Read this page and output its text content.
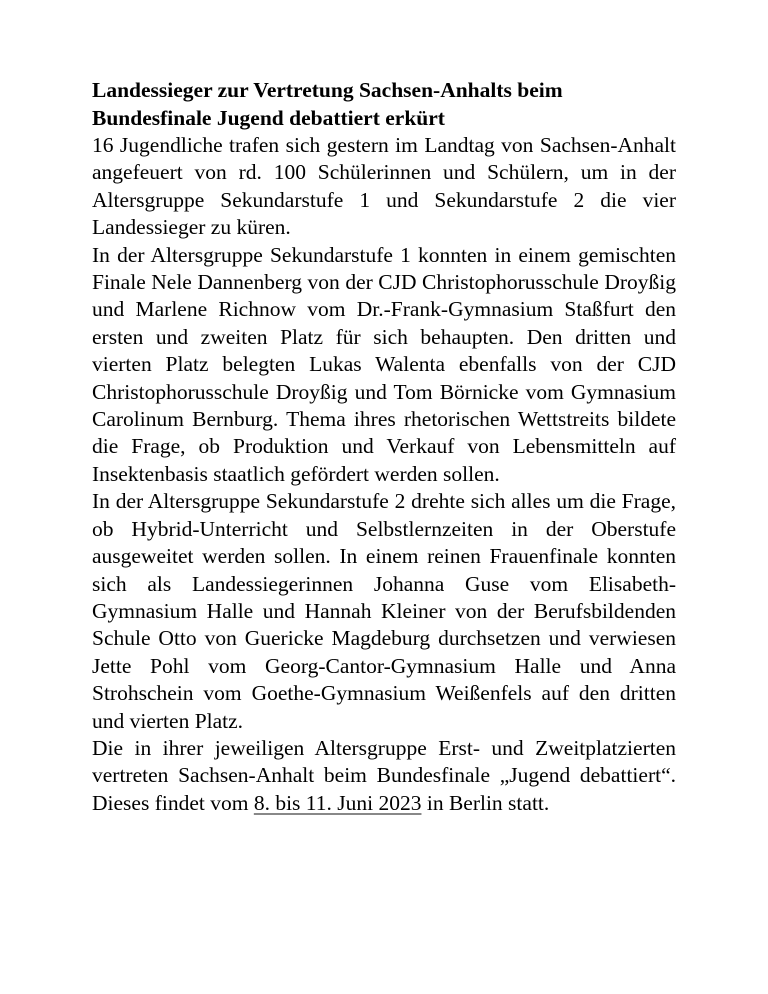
Landessieger zur Vertretung Sachsen-Anhalts beim Bundesfinale Jugend debattiert erkürt

16 Jugendliche trafen sich gestern im Landtag von Sachsen-Anhalt angefeuert von rd. 100 Schülerinnen und Schülern, um in der Altersgruppe Sekundarstufe 1 und Sekundarstufe 2 die vier Landessieger zu küren.

In der Altersgruppe Sekundarstufe 1 konnten in einem gemischten Finale Nele Dannenberg von der CJD Christophorusschule Droyßig und Marlene Richnow vom Dr.-Frank-Gymnasium Staßfurt den ersten und zweiten Platz für sich behaupten. Den dritten und vierten Platz belegten Lukas Walenta ebenfalls von der CJD Christophorusschule Droyßig und Tom Börnicke vom Gymnasium Carolinum Bernburg. Thema ihres rhetorischen Wettstreits bildete die Frage, ob Produktion und Verkauf von Lebensmitteln auf Insektenbasis staatlich gefördert werden sollen.

In der Altersgruppe Sekundarstufe 2 drehte sich alles um die Frage, ob Hybrid-Unterricht und Selbstlernzeiten in der Oberstufe ausgeweitet werden sollen. In einem reinen Frauenfinale konnten sich als Landessiegerinnen Johanna Guse vom Elisabeth-Gymnasium Halle und Hannah Kleiner von der Berufsbildenden Schule Otto von Guericke Magdeburg durchsetzen und verwiesen Jette Pohl vom Georg-Cantor-Gymnasium Halle und Anna Strohschein vom Goethe-Gymnasium Weißenfels auf den dritten und vierten Platz.

Die in ihrer jeweiligen Altersgruppe Erst- und Zweitplatzierten vertreten Sachsen-Anhalt beim Bundesfinale „Jugend debattiert“. Dieses findet vom 8. bis 11. Juni 2023 in Berlin statt.
